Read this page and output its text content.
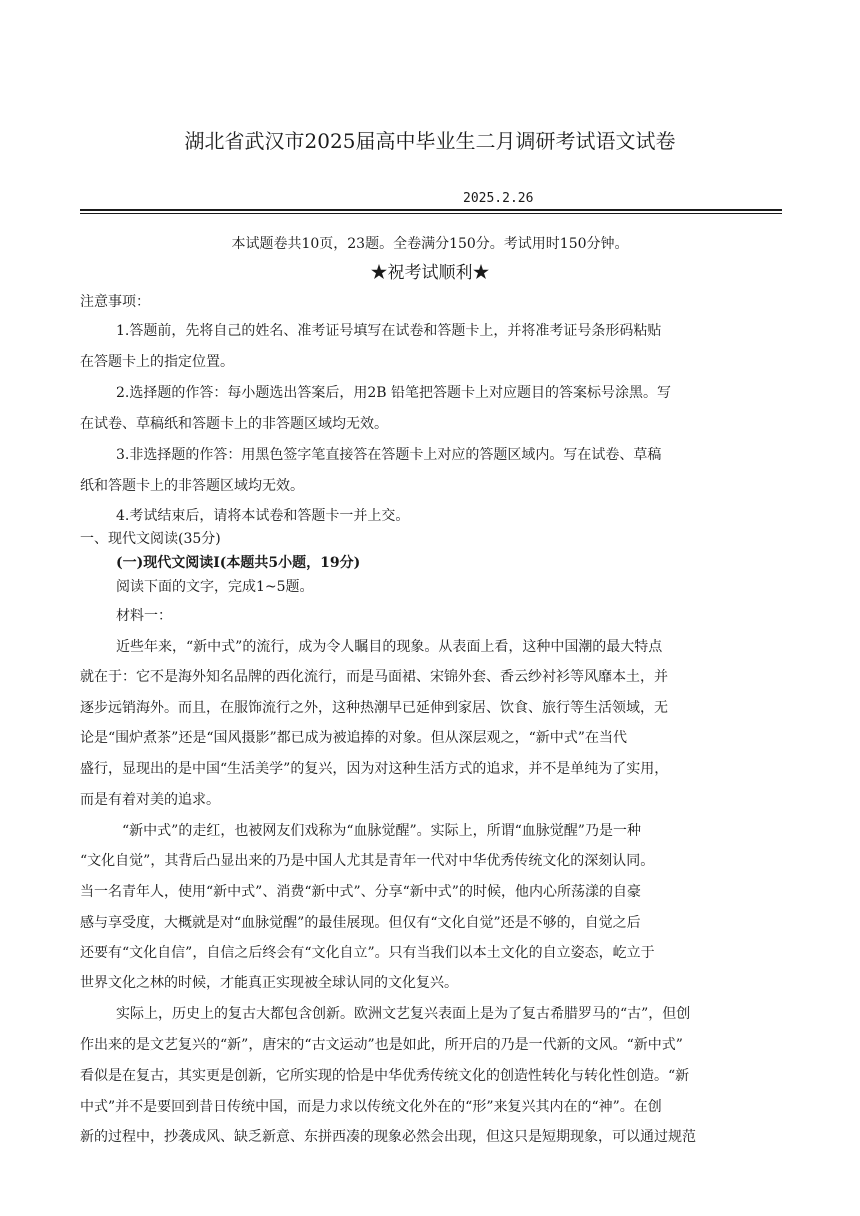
湖北省武汉市2025届高中毕业生二月调研考试语文试卷
2025.2.26
本试题卷共10页，23题。全卷满分150分。考试用时150分钟。
★祝考试顺利★
注意事项：
1.答题前，先将自己的姓名、准考证号填写在试卷和答题卡上，并将准考证号条形码粘贴
在答题卡上的指定位置。
2.选择题的作答：每小题选出答案后，用2B 铅笔把答题卡上对应题目的答案标号涂黑。写
在试卷、草稿纸和答题卡上的非答题区域均无效。
3.非选择题的作答：用黑色签字笔直接答在答题卡上对应的答题区域内。写在试卷、草稿
纸和答题卡上的非答题区域均无效。
4.考试结束后，请将本试卷和答题卡一并上交。
一、现代文阅读(35分)
(一)现代文阅读Ⅰ(本题共5小题，19分)
阅读下面的文字，完成1~5题。
材料一：
近些年来，“新中式”的流行，成为令人瞩目的现象。从表面上看，这种中国潮的最大特点
就在于：它不是海外知名品牌的西化流行，而是马面裙、宋锦外套、香云纱衬衫等风靡本土，并
逐步远销海外。而且，在服饰流行之外，这种热潮早已延伸到家居、饮食、旅行等生活领域，无
论是“围炉煮茶”还是“国风摄影”都已成为被追捧的对象。但从深层观之，“新中式”在当代
盛行，显现出的是中国“生活美学”的复兴，因为对这种生活方式的追求，并不是单纯为了实用，
而是有着对美的追求。
“新中式”的走红，也被网友们戏称为“血脉觉醒”。实际上，所谓“血脉觉醒”乃是一种
“文化自觉”，其背后凸显出来的乃是中国人尤其是青年一代对中华优秀传统文化的深刻认同。
当一名青年人，使用“新中式”、消费“新中式”、分享“新中式”的时候，他内心所荡漾的自豪
感与享受度，大概就是对“血脉觉醒”的最佳展现。但仅有“文化自觉”还是不够的，自觉之后
还要有“文化自信”，自信之后终会有“文化自立”。只有当我们以本土文化的自立姿态，屹立于
世界文化之林的时候，才能真正实现被全球认同的文化复兴。
实际上，历史上的复古大都包含创新。欧洲文艺复兴表面上是为了复古希腊罗马的“古”，但创
作出来的是文艺复兴的“新”，唐宋的“古文运动”也是如此，所开启的乃是一代新的文风。“新中式”
看似是在复古，其实更是创新，它所实现的恰是中华优秀传统文化的创造性转化与转化性创造。“新
中式”并不是要回到昔日传统中国，而是力求以传统文化外在的“形”来复兴其内在的“神”。在创
新的过程中，抄袭成风、缺乏新意、东拼西凑的现象必然会出现，但这只是短期现象，可以通过规范
